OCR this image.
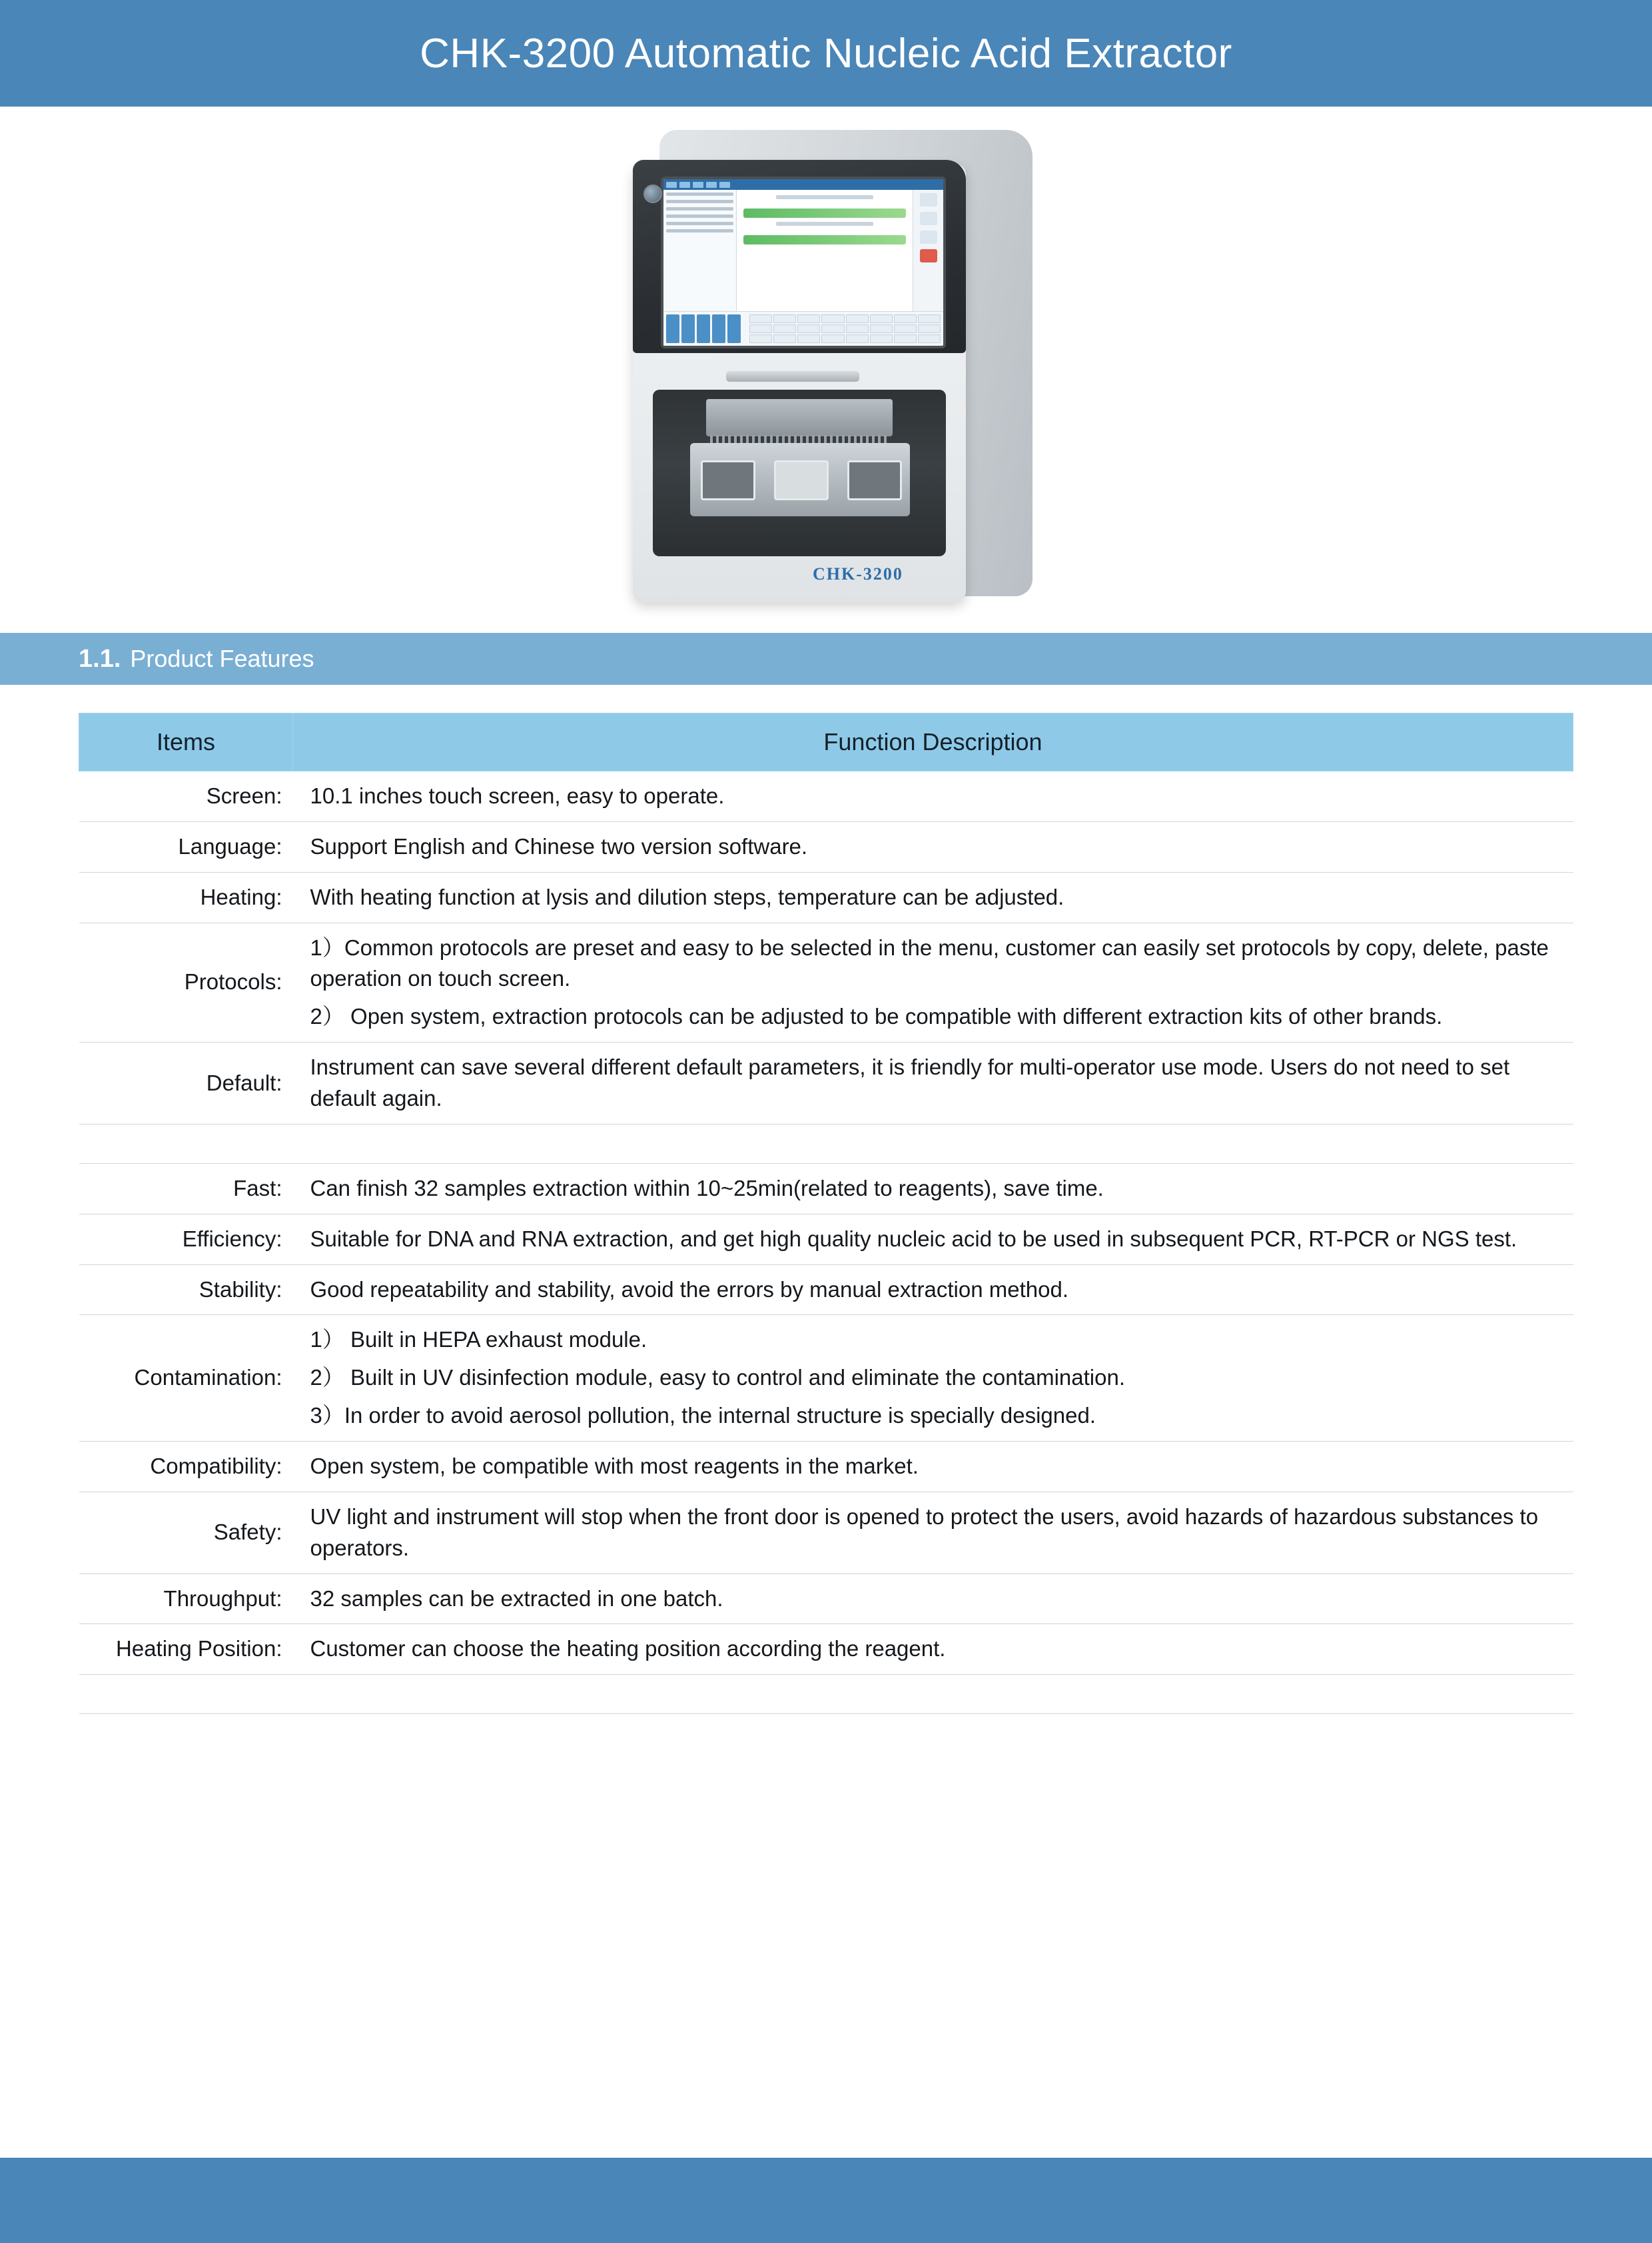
CHK-3200 Automatic Nucleic Acid Extractor
CHK-3200
1.1. Product Features
Items	Function Description
Screen:	10.1 inches touch screen, easy to operate.

Language:	Support English and Chinese two version software.

Heating:	With heating function at lysis and dilution steps, temperature can be adjusted.

Protocols:	1）Common protocols are preset and easy to be selected in the menu, customer can easily set protocols by copy, delete, paste operation on touch screen.

2） Open system, extraction protocols can be adjusted to be compatible with different extraction kits of other brands.

Default:	Instrument can save several different default parameters, it is friendly for multi-operator use mode. Users do not need to set default again.

Fast:	Can finish 32 samples extraction within 10~25min(related to reagents), save time.

Efficiency:	Suitable for DNA and RNA extraction, and get high quality nucleic acid to be used in subsequent PCR, RT-PCR or NGS test.

Stability:	Good repeatability and stability, avoid the errors by manual extraction method.

Contamination:	1） Built in HEPA exhaust module.

2） Built in UV disinfection module, easy to control and eliminate the contamination.

3）In order to avoid aerosol pollution, the internal structure is specially designed.

Compatibility:	Open system, be compatible with most reagents in the market.

Safety:	UV light and instrument will stop when the front door is opened to protect the users, avoid hazards of hazardous substances to operators.

Throughput:	32 samples can be extracted in one batch.

Heating Position:	Customer can choose the heating position according the reagent.
